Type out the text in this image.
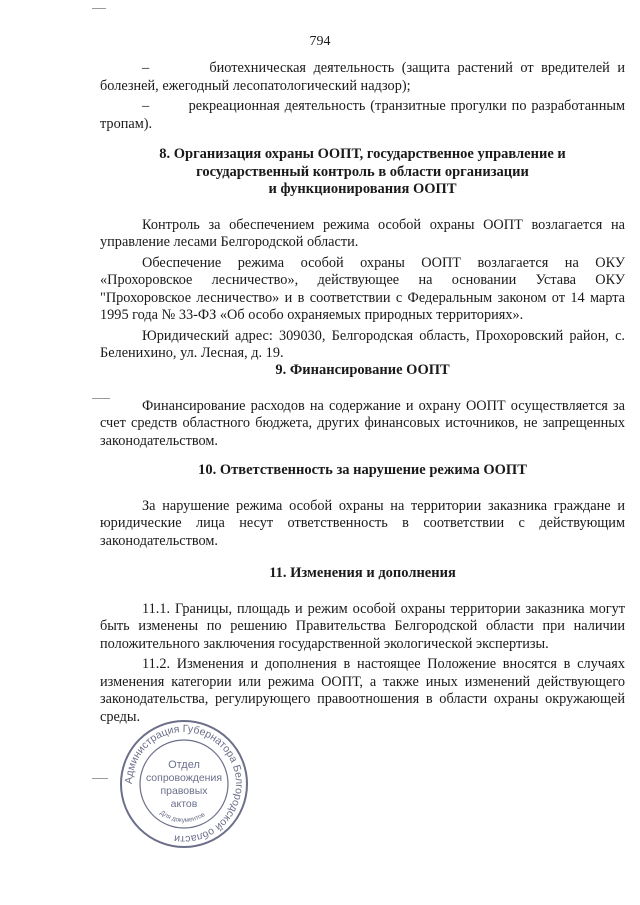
794

–        биотехническая деятельность (защита растений от вредителей и болезней, ежегодный лесопатологический надзор);

–        рекреационная деятельность (транзитные прогулки по разработанным тропам).

8. Организация охраны ООПТ, государственное управление и
государственный контроль в области организации
и функционирования ООПТ

Контроль за обеспечением режима особой охраны ООПТ возлагается на управление лесами Белгородской области.

Обеспечение режима особой охраны ООПТ возлагается на ОКУ «Прохоровское лесничество», действующее на основании Устава ОКУ "Прохоровское лесничество» и в соответствии с Федеральным законом от 14 марта 1995 года № 33-ФЗ «Об особо охраняемых природных территориях».

Юридический адрес: 309030, Белгородская область, Прохоровский район, с. Беленихино, ул. Лесная, д. 19.

9. Финансирование ООПТ

Финансирование расходов на содержание и охрану ООПТ осуществляется за счет средств областного бюджета, других финансовых источников, не запрещенных законодательством.

10. Ответственность за нарушение режима ООПТ

За нарушение режима особой охраны на территории заказника граждане и юридические лица несут ответственность в соответствии с действующим законодательством.

11. Изменения и дополнения

11.1. Границы, площадь и режим особой охраны территории заказника могут быть изменены по решению Правительства Белгородской области при наличии положительного заключения государственной экологической экспертизы.

11.2. Изменения и дополнения в настоящее Положение вносятся в случаях изменения категории или режима ООПТ, а также иных изменений действующего законодательства, регулирующего правоотношения в области охраны окружающей среды.

Администрация Губернатора Белгородской области
Для документов
Отдел
сопровождения
правовых
актов
